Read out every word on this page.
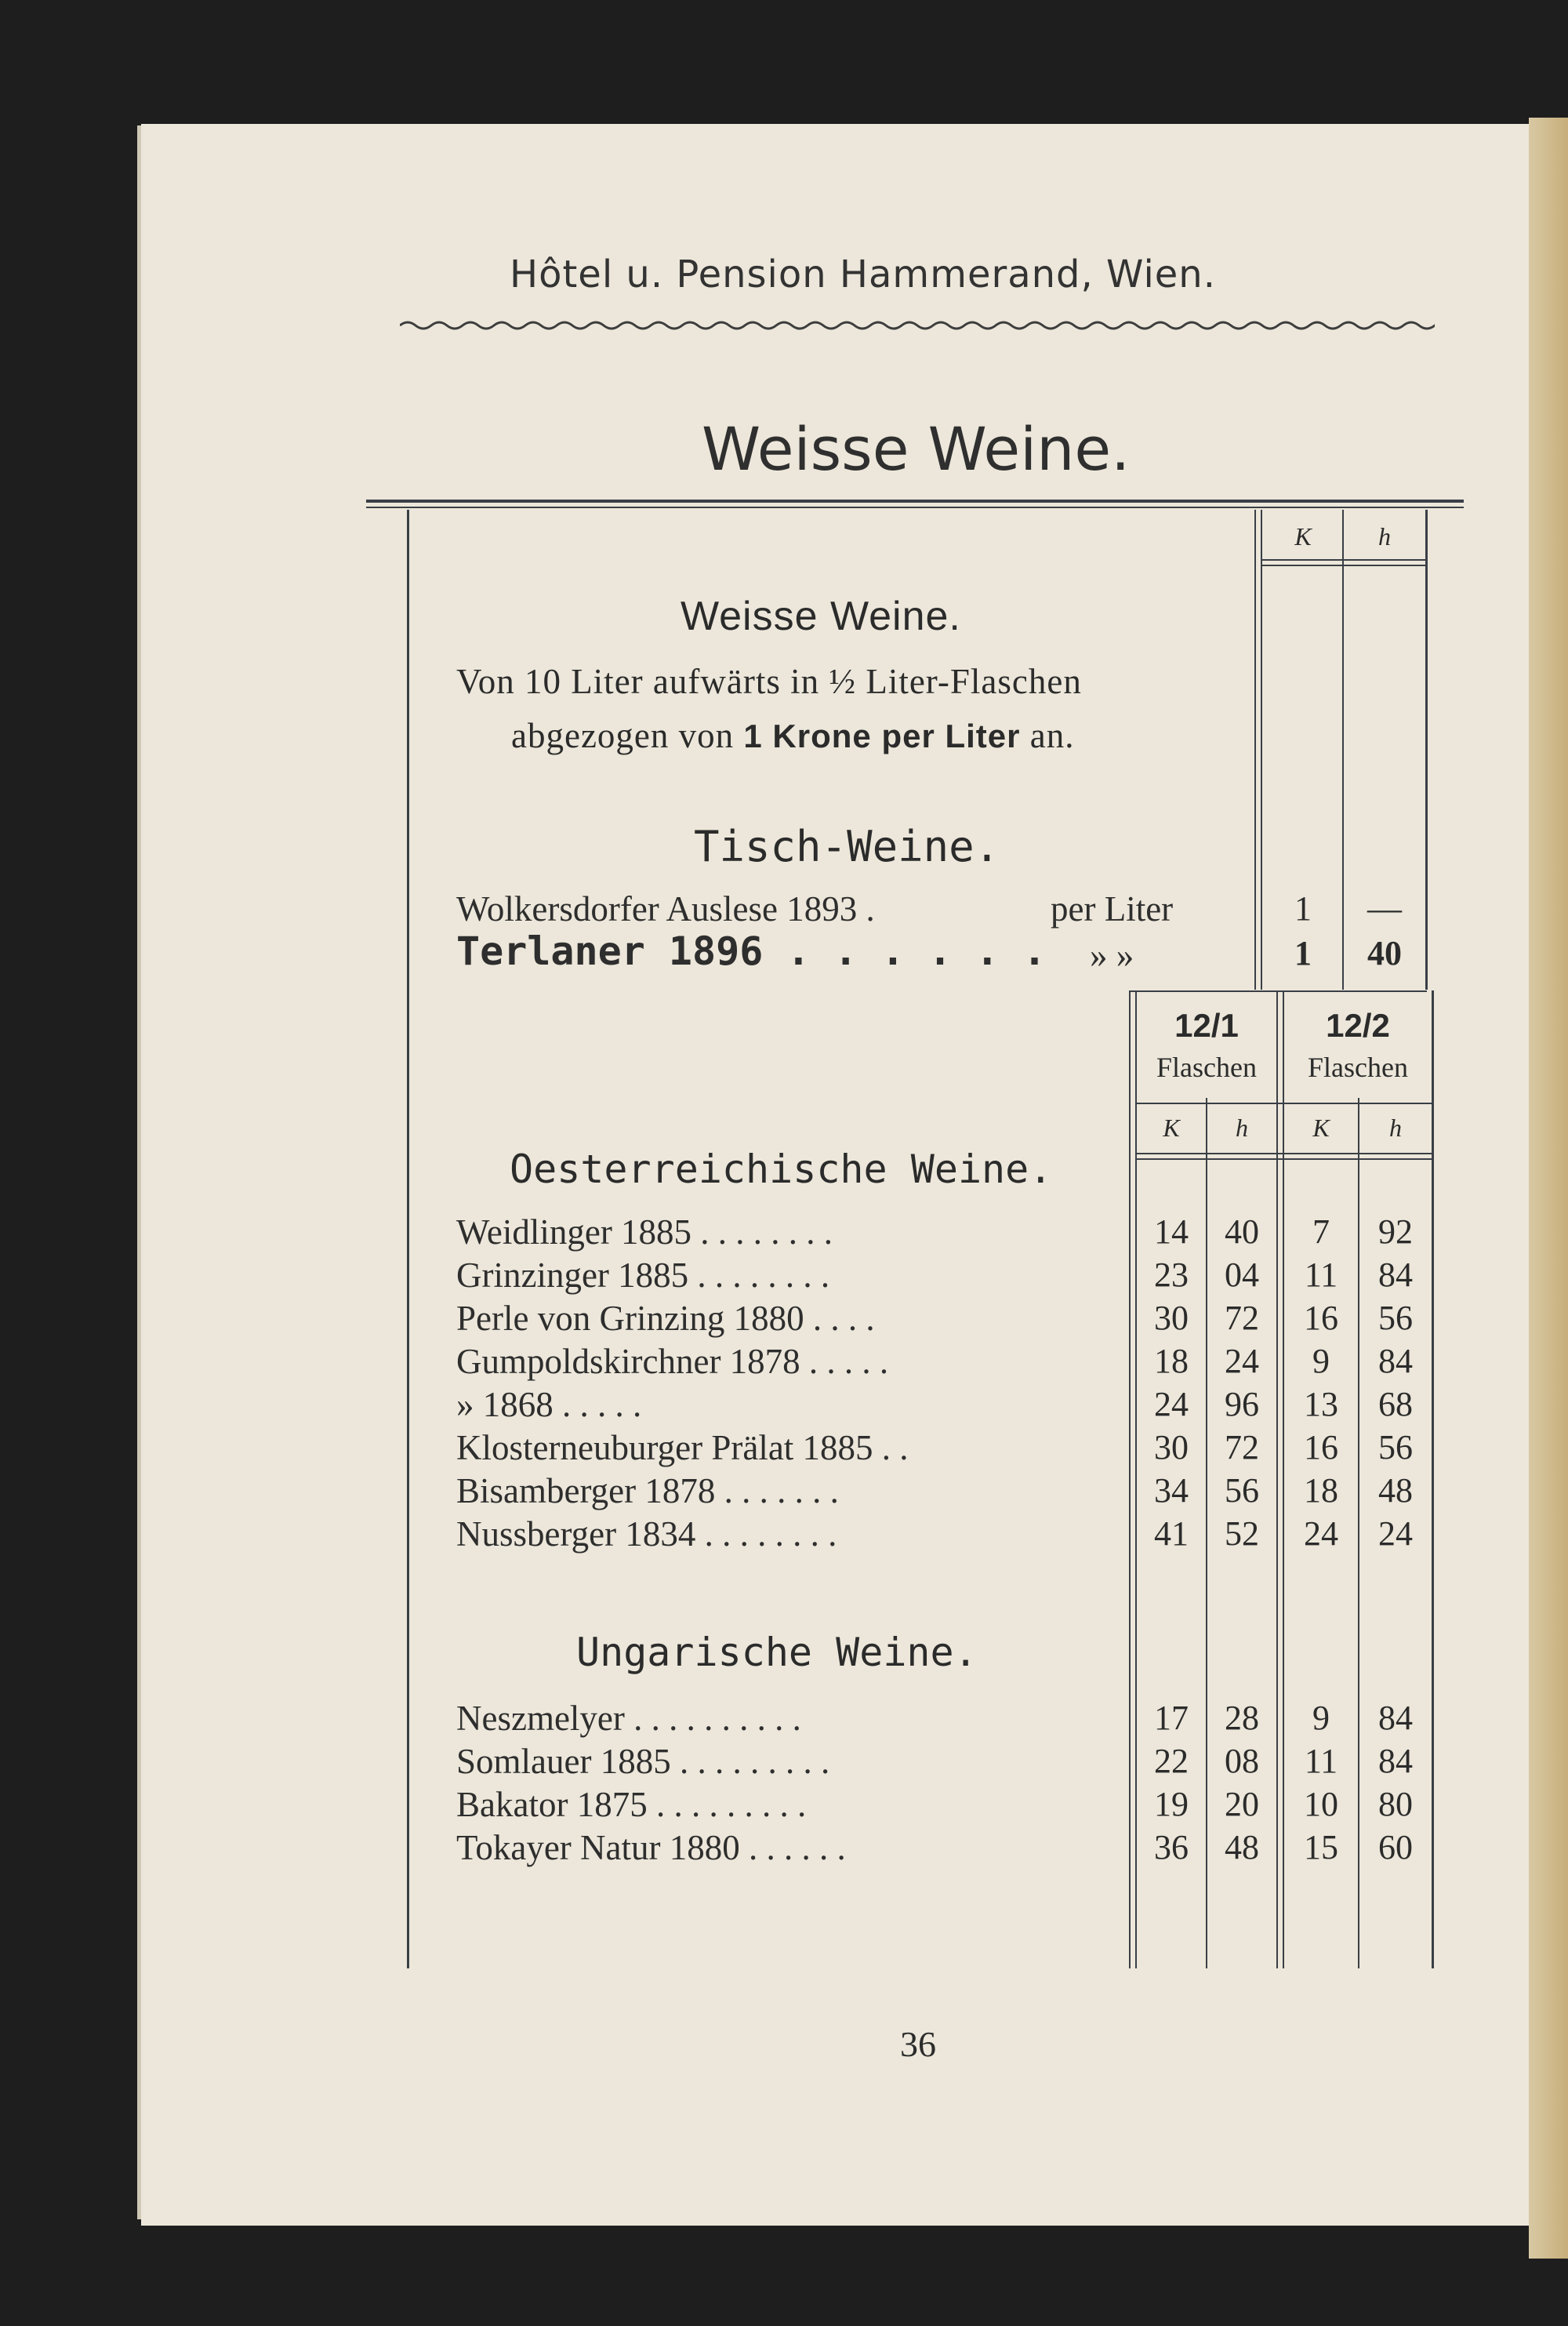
Hôtel u. Pension Hammerand, Wien.
Weisse Weine.
K	h
Weisse Weine.
Von 10 Liter aufwärts in ½ Liter-Flaschen
abgezogen von 1 Krone per Liter an.
Tisch-Weine.
Wolkersdorfer Auslese 1893 .	per Liter	1	—
Terlaner 1896 . . . . . . » »	1	40
12/1
Flaschen
12/2
Flaschen
K	h	K	h
Oesterreichische Weine.
Weidlinger 1885 . . . . . . . .	14	40	7	92
Grinzinger 1885 . . . . . . . .	23	04	11	84
Perle von Grinzing 1880 . . . .	30	72	16	56
Gumpoldskirchner 1878 . . . . .	18	24	9	84
» 1868 . . . . .	24	96	13	68
Klosterneuburger Prälat 1885 . .	30	72	16	56
Bisamberger 1878 . . . . . . .	34	56	18	48
Nussberger 1834 . . . . . . . .	41	52	24	24
Ungarische Weine.
Neszmelyer . . . . . . . . . .	17	28	9	84
Somlauer 1885 . . . . . . . . .	22	08	11	84
Bakator 1875 . . . . . . . . .	19	20	10	80
Tokayer Natur 1880 . . . . . .	36	48	15	60
36
